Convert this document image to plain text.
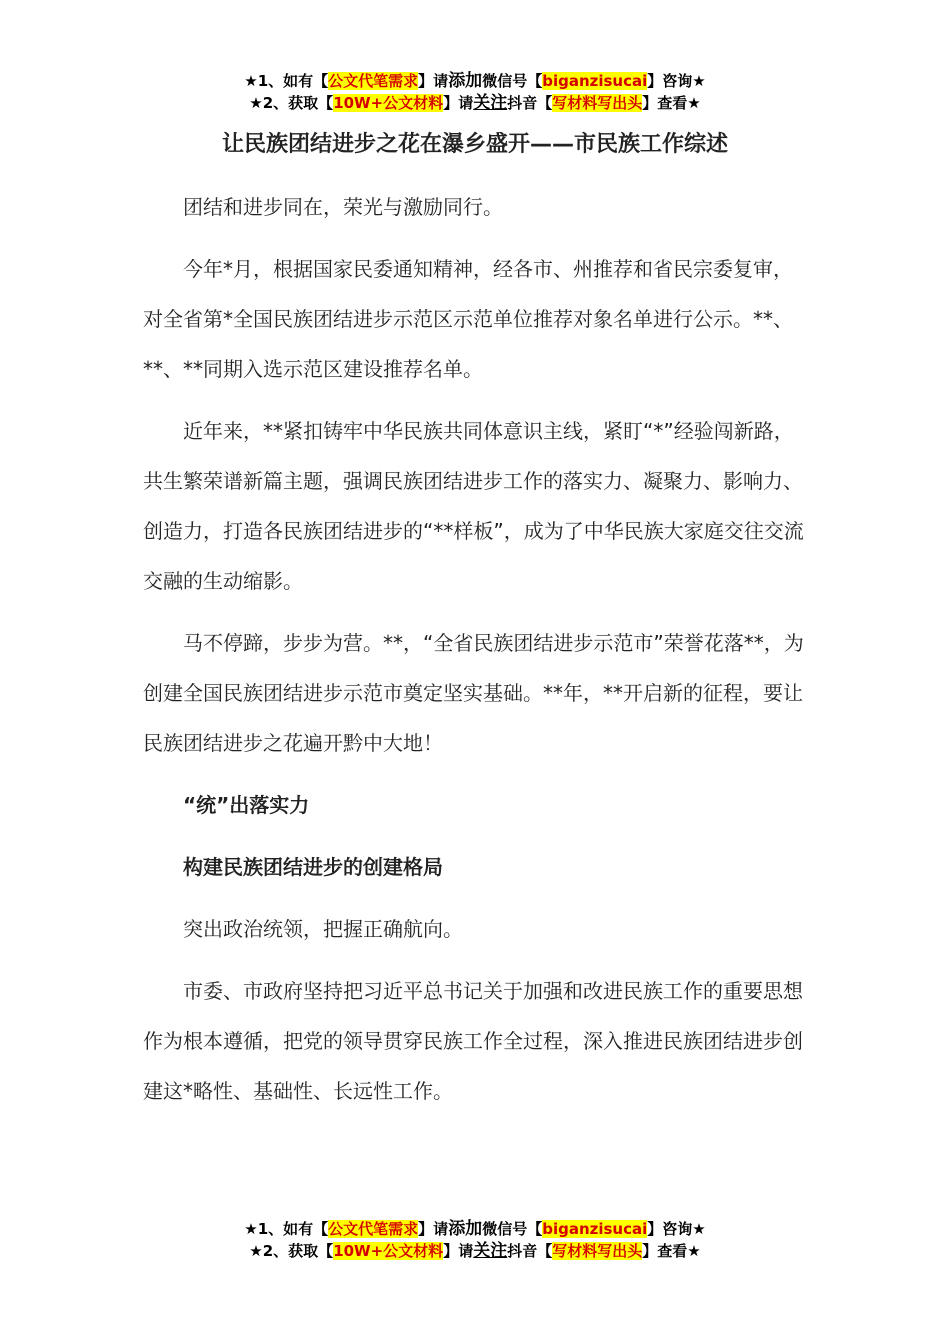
★1、如有【公文代笔需求】请添加微信号【biganzisucai】咨询★
★2、获取【10W+公文材料】请关注抖音【写材料写出头】查看★
让民族团结进步之花在瀑乡盛开——市民族工作综述

团结和进步同在，荣光与激励同行。

今年*月，根据国家民委通知精神，经各市、州推荐和省民宗委复审，对全省第*全国民族团结进步示范区示范单位推荐对象名单进行公示。**、**、**同期入选示范区建设推荐名单。

近年来，**紧扣铸牢中华民族共同体意识主线，紧盯“*”经验闯新路，共生繁荣谱新篇主题，强调民族团结进步工作的落实力、凝聚力、影响力、创造力，打造各民族团结进步的“**样板”，成为了中华民族大家庭交往交流交融的生动缩影。

马不停蹄，步步为营。**，“全省民族团结进步示范市”荣誉花落**，为创建全国民族团结进步示范市奠定坚实基础。**年，**开启新的征程，要让民族团结进步之花遍开黔中大地！

“统”出落实力

构建民族团结进步的创建格局

突出政治统领，把握正确航向。

市委、市政府坚持把习近平总书记关于加强和改进民族工作的重要思想作为根本遵循，把党的领导贯穿民族工作全过程，深入推进民族团结进步创建这*略性、基础性、长远性工作。

★1、如有【公文代笔需求】请添加微信号【biganzisucai】咨询★
★2、获取【10W+公文材料】请关注抖音【写材料写出头】查看★
